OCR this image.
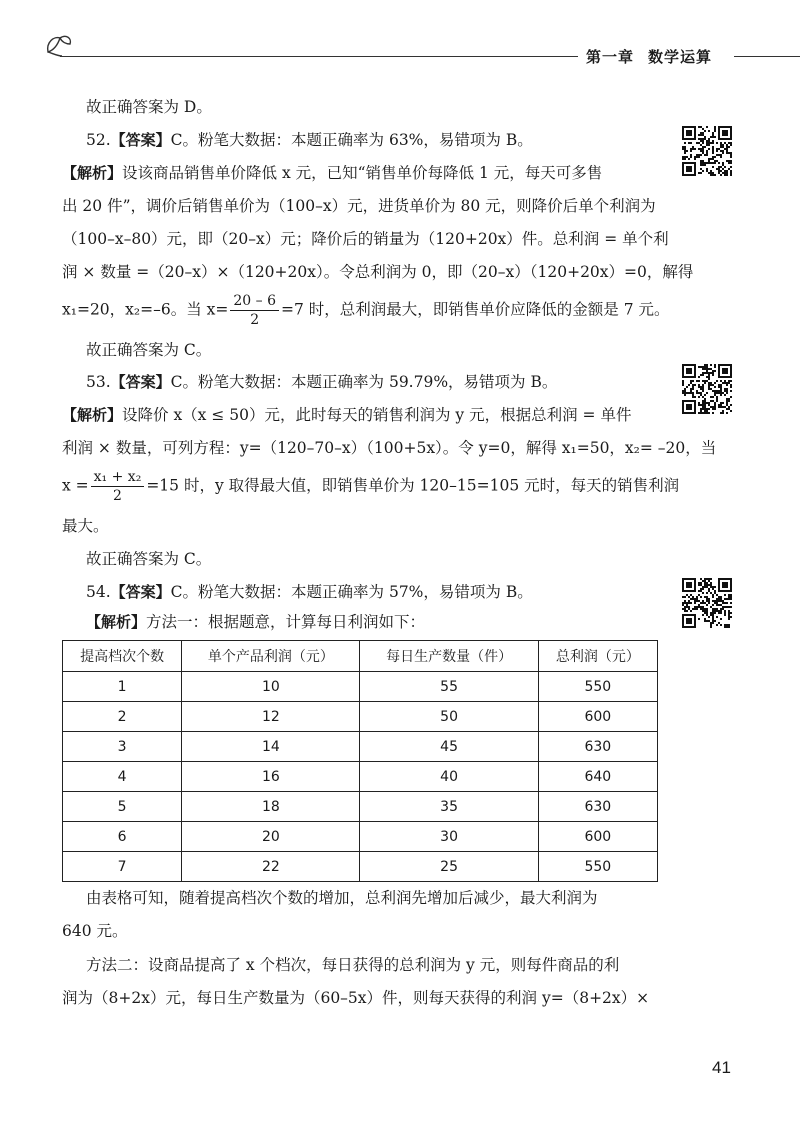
第一章 数学运算
故正确答案为 D。
52.【答案】C。粉笔大数据：本题正确率为 63%，易错项为 B。
【解析】设该商品销售单价降低 x 元，已知“销售单价每降低 1 元，每天可多售
出 20 件”，调价后销售单价为（100–x）元，进货单价为 80 元，则降价后单个利润为
（100–x–80）元，即（20–x）元；降价后的销量为（120+20x）件。总利润 = 单个利
润 × 数量 =（20–x）×（120+20x）。令总利润为 0，即（20–x）（120+20x）=0，解得
x₁=20，x₂=–6。当 $x= \frac{20 - 6}{2} =7$ 时，总利润最大，即销售单价应降低的金额是 7 元。
故正确答案为 C。
53.【答案】C。粉笔大数据：本题正确率为 59.79%，易错项为 B。
【解析】设降价 x（x ≤ 50）元，此时每天的销售利润为 y 元，根据总利润 = 单件
利润 × 数量，可列方程：y=（120–70–x）（100+5x）。令 y=0，解得 x₁=50，x₂= –20，当
$x = \frac{\text{x₁ + x₂}}{2} =15$ 时，y 取得最大值，即销售单价为 120–15=105 元时，每天的销售利润
最大。
故正确答案为 C。
54.【答案】C。粉笔大数据：本题正确率为 57%，易错项为 B。
【解析】方法一：根据题意，计算每日利润如下：
提高档次个数	单个产品利润（元）	每日生产数量（件）	总利润（元）
1	10	55	550
2	12	50	600
3	14	45	630
4	16	40	640
5	18	35	630
6	20	30	600
7	22	25	550
由表格可知，随着提高档次个数的增加，总利润先增加后减少，最大利润为
640 元。
方法二：设商品提高了 x 个档次，每日获得的总利润为 y 元，则每件商品的利
润为（8+2x）元，每日生产数量为（60–5x）件，则每天获得的利润 y=（8+2x）×
41
